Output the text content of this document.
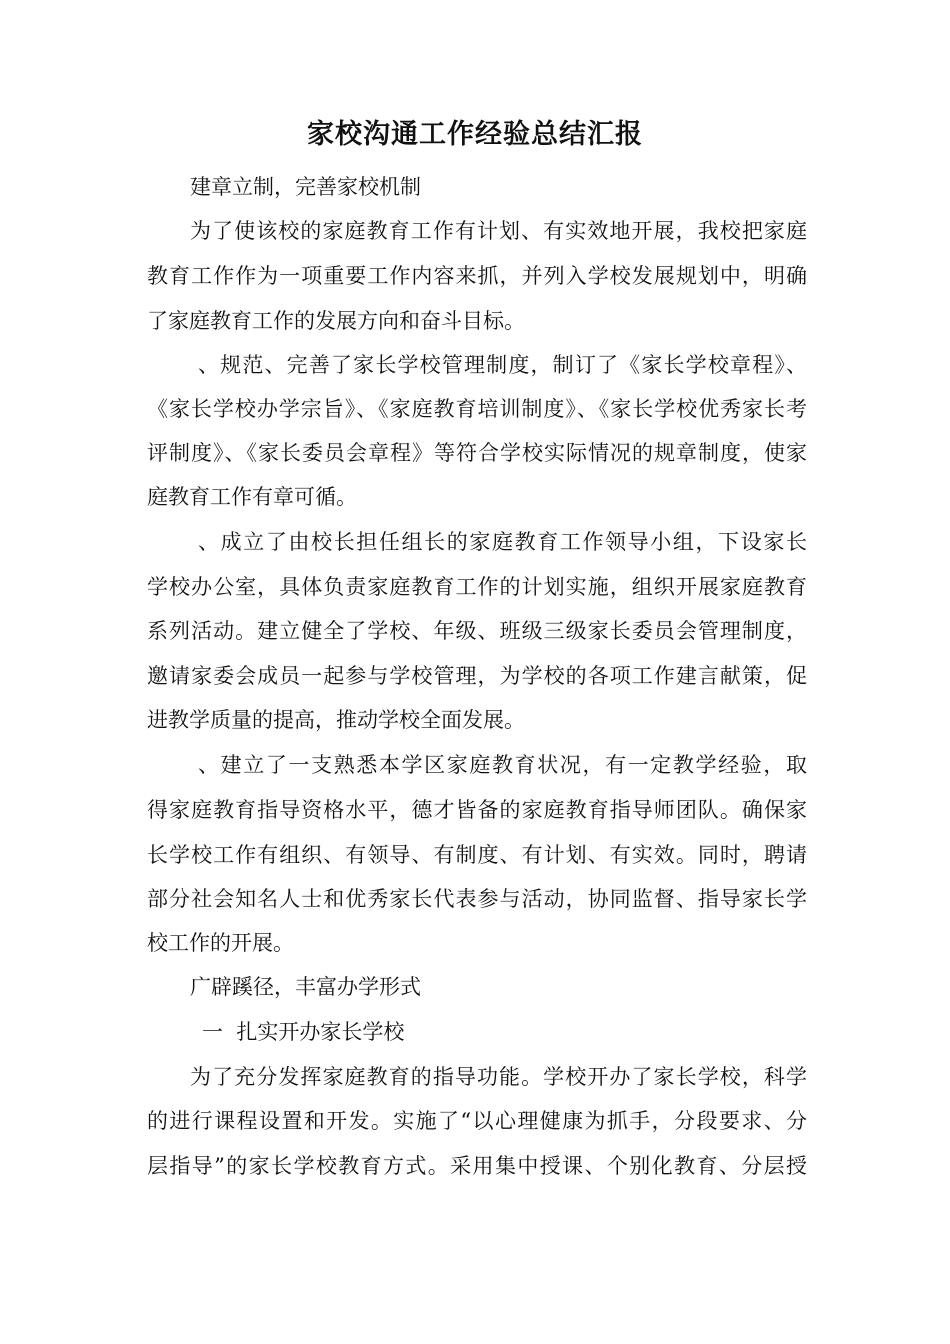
家校沟通工作经验总结汇报

建章立制，完善家校机制

为了使该校的家庭教育工作有计划、有实效地开展，我校把家庭

教育工作作为一项重要工作内容来抓，并列入学校发展规划中，明确

了家庭教育工作的发展方向和奋斗目标。

、规范、完善了家长学校管理制度，制订了《家长学校章程》、

《家长学校办学宗旨》、《家庭教育培训制度》、《家长学校优秀家长考

评制度》、《家长委员会章程》等符合学校实际情况的规章制度，使家

庭教育工作有章可循。

、成立了由校长担任组长的家庭教育工作领导小组，下设家长

学校办公室，具体负责家庭教育工作的计划实施，组织开展家庭教育

系列活动。建立健全了学校、年级、班级三级家长委员会管理制度，

邀请家委会成员一起参与学校管理，为学校的各项工作建言献策，促

进教学质量的提高，推动学校全面发展。

、建立了一支熟悉本学区家庭教育状况，有一定教学经验，取

得家庭教育指导资格水平，德才皆备的家庭教育指导师团队。确保家

长学校工作有组织、有领导、有制度、有计划、有实效。同时，聘请

部分社会知名人士和优秀家长代表参与活动，协同监督、指导家长学

校工作的开展。

广辟蹊径，丰富办学形式

一  扎实开办家长学校

为了充分发挥家庭教育的指导功能。学校开办了家长学校，科学

的进行课程设置和开发。实施了“以心理健康为抓手，分段要求、分

层指导”的家长学校教育方式。采用集中授课、个别化教育、分层授
